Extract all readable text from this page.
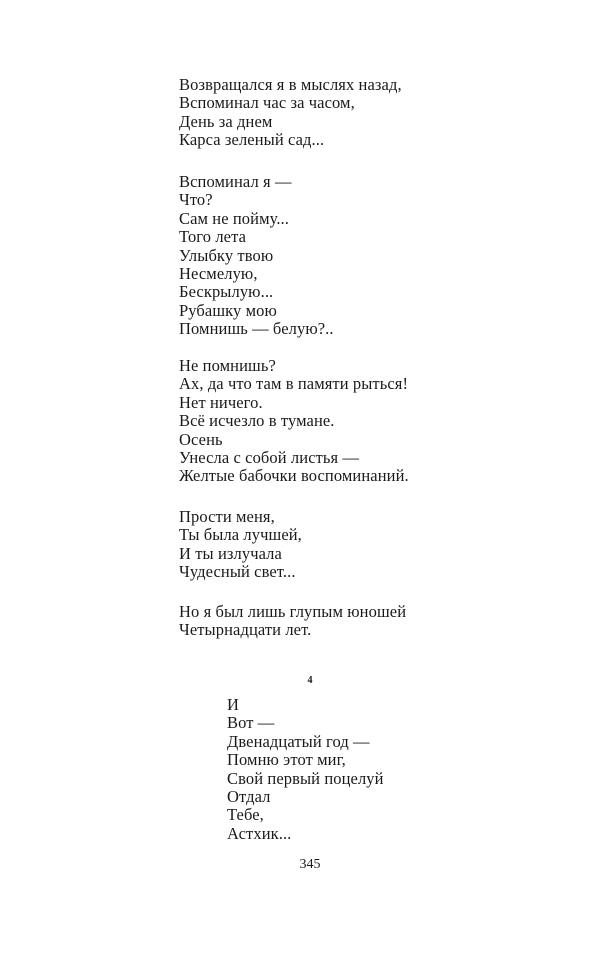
Возвращался я в мыслях назад,
Вспоминал час за часом,
День за днем
Карса зеленый сад...
Вспоминал я —
Что?
Сам не пойму...
Того лета
Улыбку твою
Несмелую,
Бескрылую...
Рубашку мою
Помнишь — белую?..
Не помнишь?
Ах, да что там в памяти рыться!
Нет ничего.
Всё исчезло в тумане.
Осень
Унесла с собой листья —
Желтые бабочки воспоминаний.
Прости меня,
Ты была лучшей,
И ты излучала
Чудесный свет...
Но я был лишь глупым юношей
Четырнадцати лет.
4
И
Вот —
Двенадцатый год —
Помню этот миг,
Свой первый поцелуй
Отдал
Тебе,
Астхик...
345
